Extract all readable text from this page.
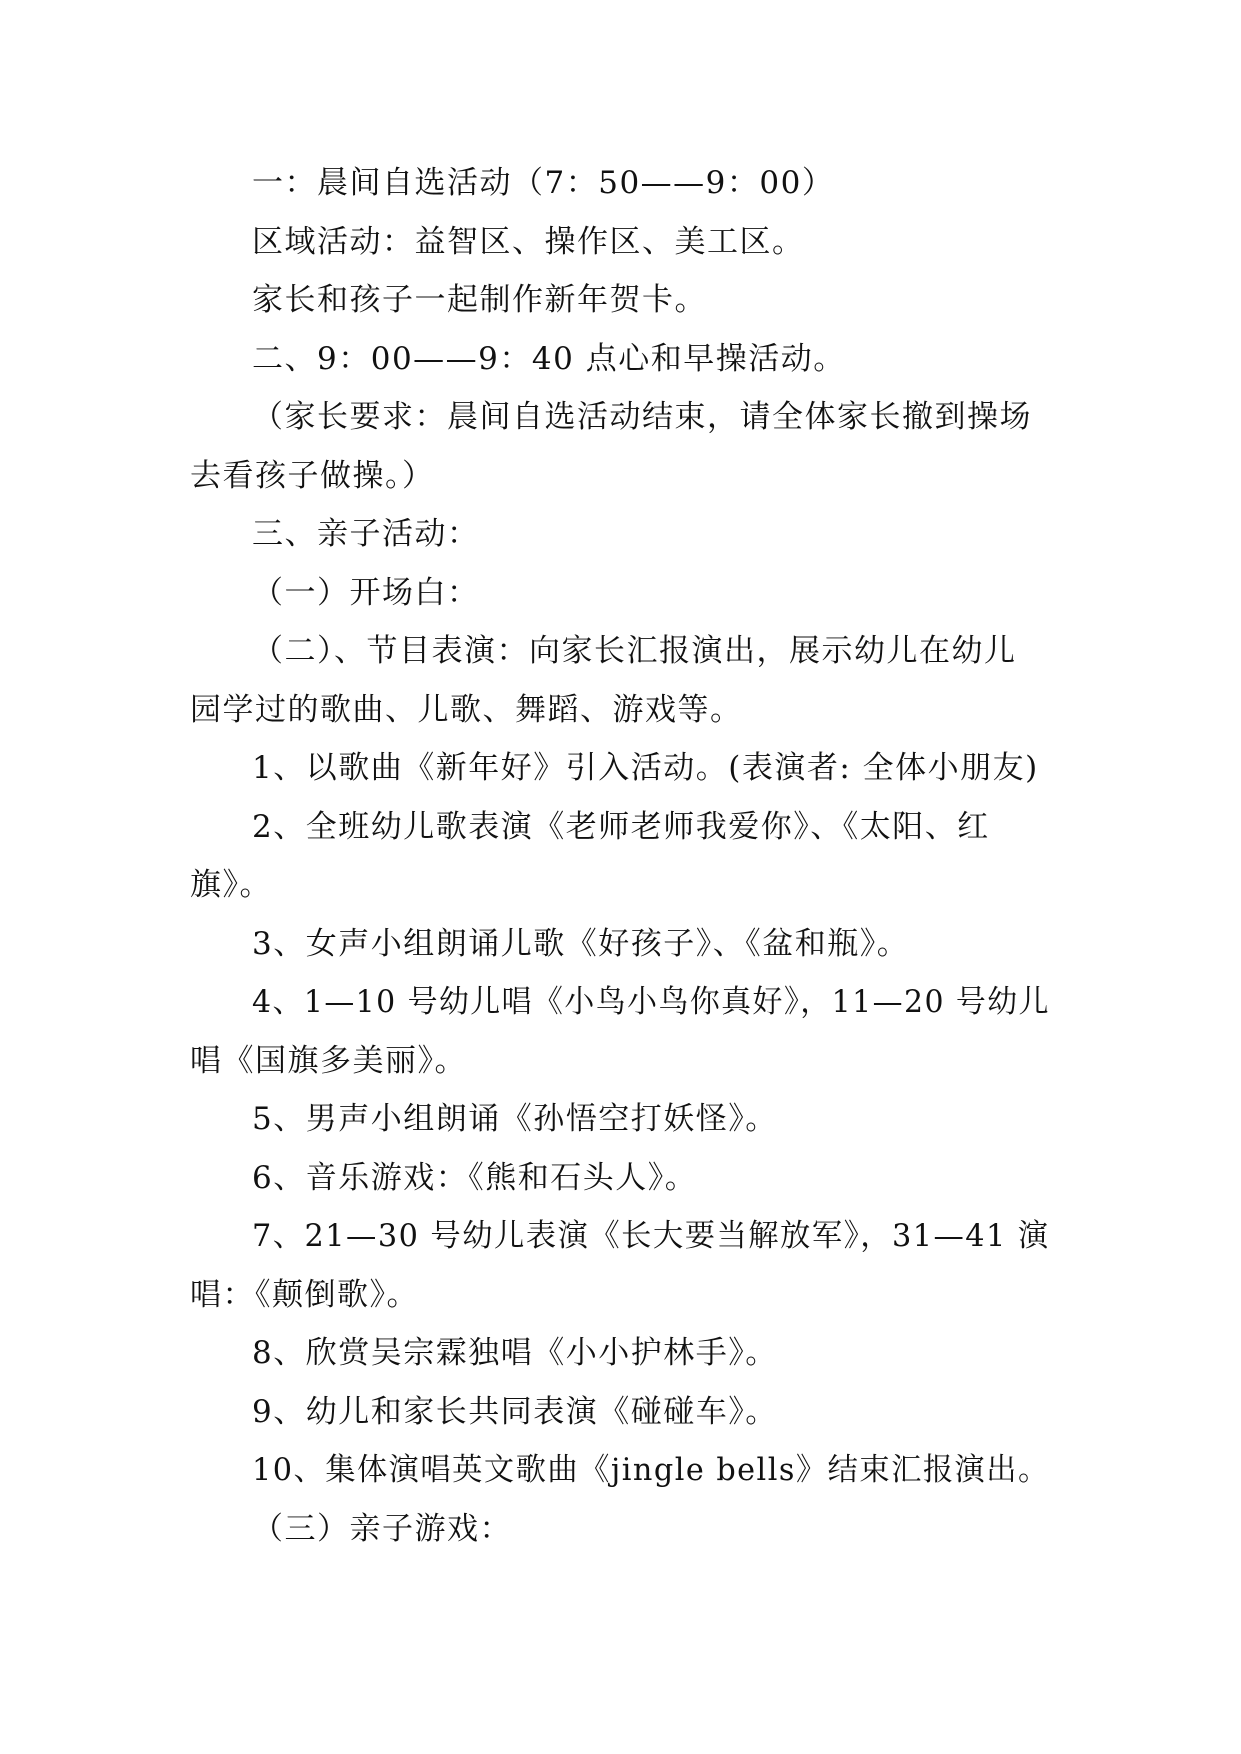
一：晨间自选活动（7：50——9：00）
区域活动：益智区、操作区、美工区。
家长和孩子一起制作新年贺卡。
二、9：00——9：40 点心和早操活动。
（家长要求：晨间自选活动结束，请全体家长撤到操场
去看孩子做操。）
三、亲子活动：
（一）开场白：
（二）、节目表演：向家长汇报演出，展示幼儿在幼儿
园学过的歌曲、儿歌、舞蹈、游戏等。
1、以歌曲《新年好》引入活动。(表演者: 全体小朋友)
2、全班幼儿歌表演《老师老师我爱你》、《太阳、红
旗》。
3、女声小组朗诵儿歌《好孩子》、《盆和瓶》。
4、1—10 号幼儿唱《小鸟小鸟你真好》，11—20 号幼儿
唱《国旗多美丽》。
5、男声小组朗诵《孙悟空打妖怪》。
6、音乐游戏：《熊和石头人》。
7、21—30 号幼儿表演《长大要当解放军》，31—41 演
唱：《颠倒歌》。
8、欣赏吴宗霖独唱《小小护林手》。
9、幼儿和家长共同表演《碰碰车》。
10、集体演唱英文歌曲《jingle bells》结束汇报演出。
（三）亲子游戏：
